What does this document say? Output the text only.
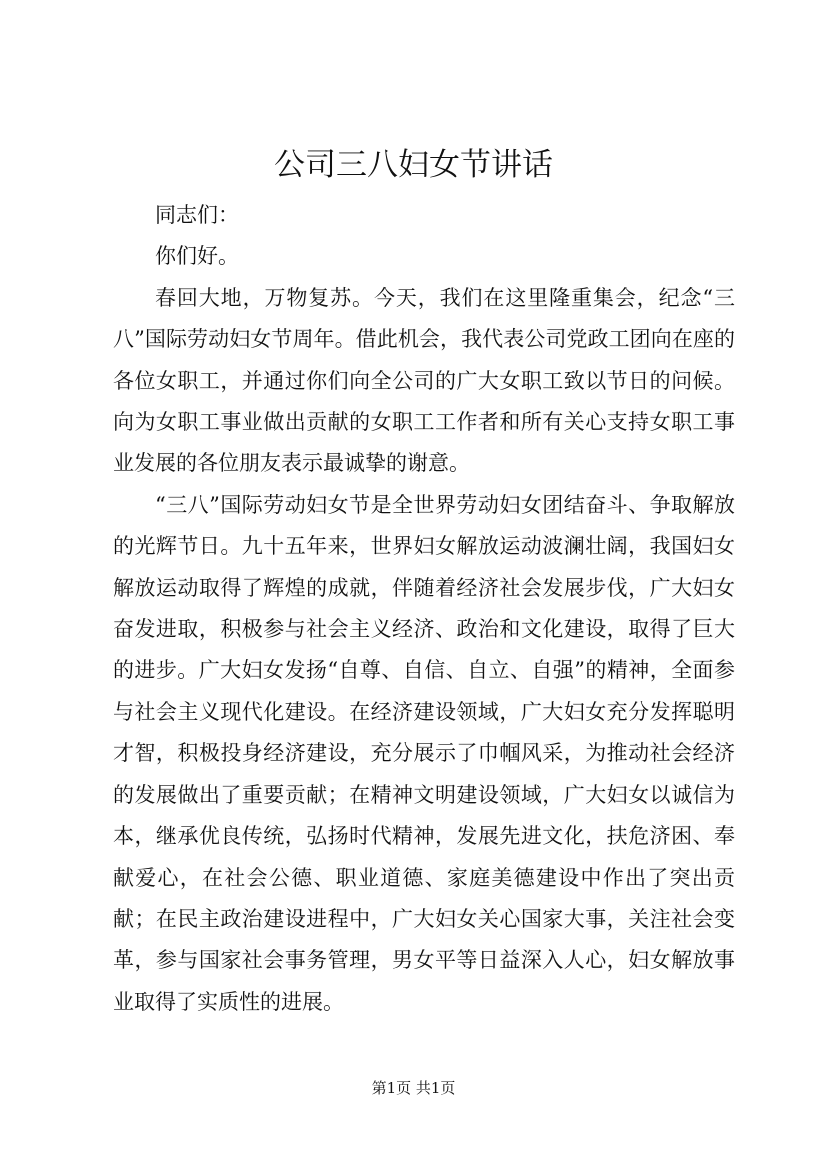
公司三八妇女节讲话

同志们：

你们好。

春回大地，万物复苏。今天，我们在这里隆重集会，纪念“三八”国际劳动妇女节周年。借此机会，我代表公司党政工团向在座的各位女职工，并通过你们向全公司的广大女职工致以节日的问候。向为女职工事业做出贡献的女职工工作者和所有关心支持女职工事业发展的各位朋友表示最诚挚的谢意。

“三八”国际劳动妇女节是全世界劳动妇女团结奋斗、争取解放的光辉节日。九十五年来，世界妇女解放运动波澜壮阔，我国妇女解放运动取得了辉煌的成就，伴随着经济社会发展步伐，广大妇女奋发进取，积极参与社会主义经济、政治和文化建设，取得了巨大的进步。广大妇女发扬“自尊、自信、自立、自强”的精神，全面参与社会主义现代化建设。在经济建设领域，广大妇女充分发挥聪明才智，积极投身经济建设，充分展示了巾帼风采，为推动社会经济的发展做出了重要贡献；在精神文明建设领域，广大妇女以诚信为本，继承优良传统，弘扬时代精神，发展先进文化，扶危济困、奉献爱心，在社会公德、职业道德、家庭美德建设中作出了突出贡献；在民主政治建设进程中，广大妇女关心国家大事，关注社会变革，参与国家社会事务管理，男女平等日益深入人心，妇女解放事业取得了实质性的进展。

第1页 共1页
